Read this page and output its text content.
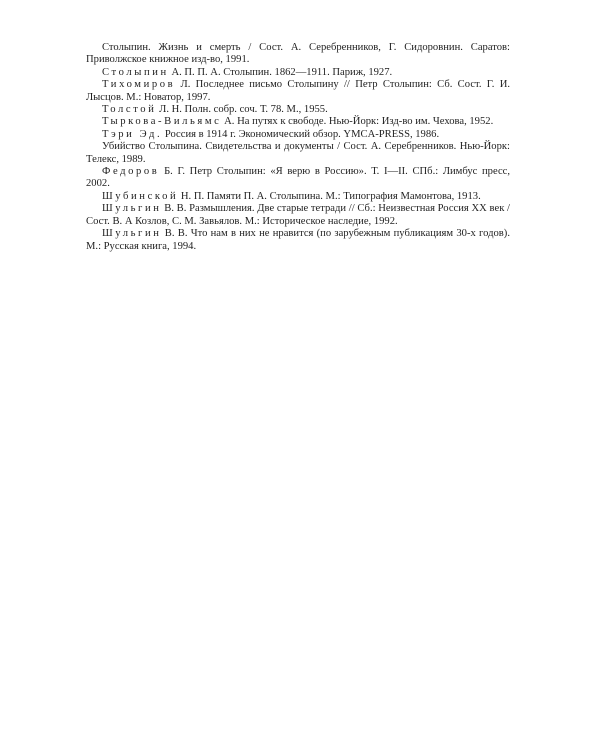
Столыпин. Жизнь и смерть / Сост. А. Серебренников, Г. Сидоровнин. Саратов: Приволжское книжное изд-во, 1991.

Столыпин А. П. П. А. Столыпин. 1862—1911. Париж, 1927.

Тихомиров Л. Последнее письмо Столыпину // Петр Столыпин: Сб. Сост. Г. И. Лысцов. М.: Новатор, 1997.

Толстой Л. Н. Полн. собр. соч. Т. 78. М., 1955.

Тыркова-Вильямс А. На путях к свободе. Нью-Йорк: Изд-во им. Чехова, 1952.

Тэри Эд. Россия в 1914 г. Экономический обзор. YMCA-PRESS, 1986.

Убийство Столыпина. Свидетельства и документы / Сост. А. Серебренников. Нью-Йорк: Телекс, 1989.

Федоров Б. Г. Петр Столыпин: «Я верю в Россию». Т. I—II. СПб.: Лимбус пресс, 2002.

Шубинской Н. П. Памяти П. А. Столыпина. М.: Типография Мамонтова, 1913.

Шульгин В. В. Размышления. Две старые тетради // Сб.: Неизвестная Россия XX век / Сост. В. А Козлов, С. М. Завьялов. М.: Историческое наследие, 1992.

Шульгин В. В. Что нам в них не нравится (по зарубежным публикациям 30-х годов). М.: Русская книга, 1994.
